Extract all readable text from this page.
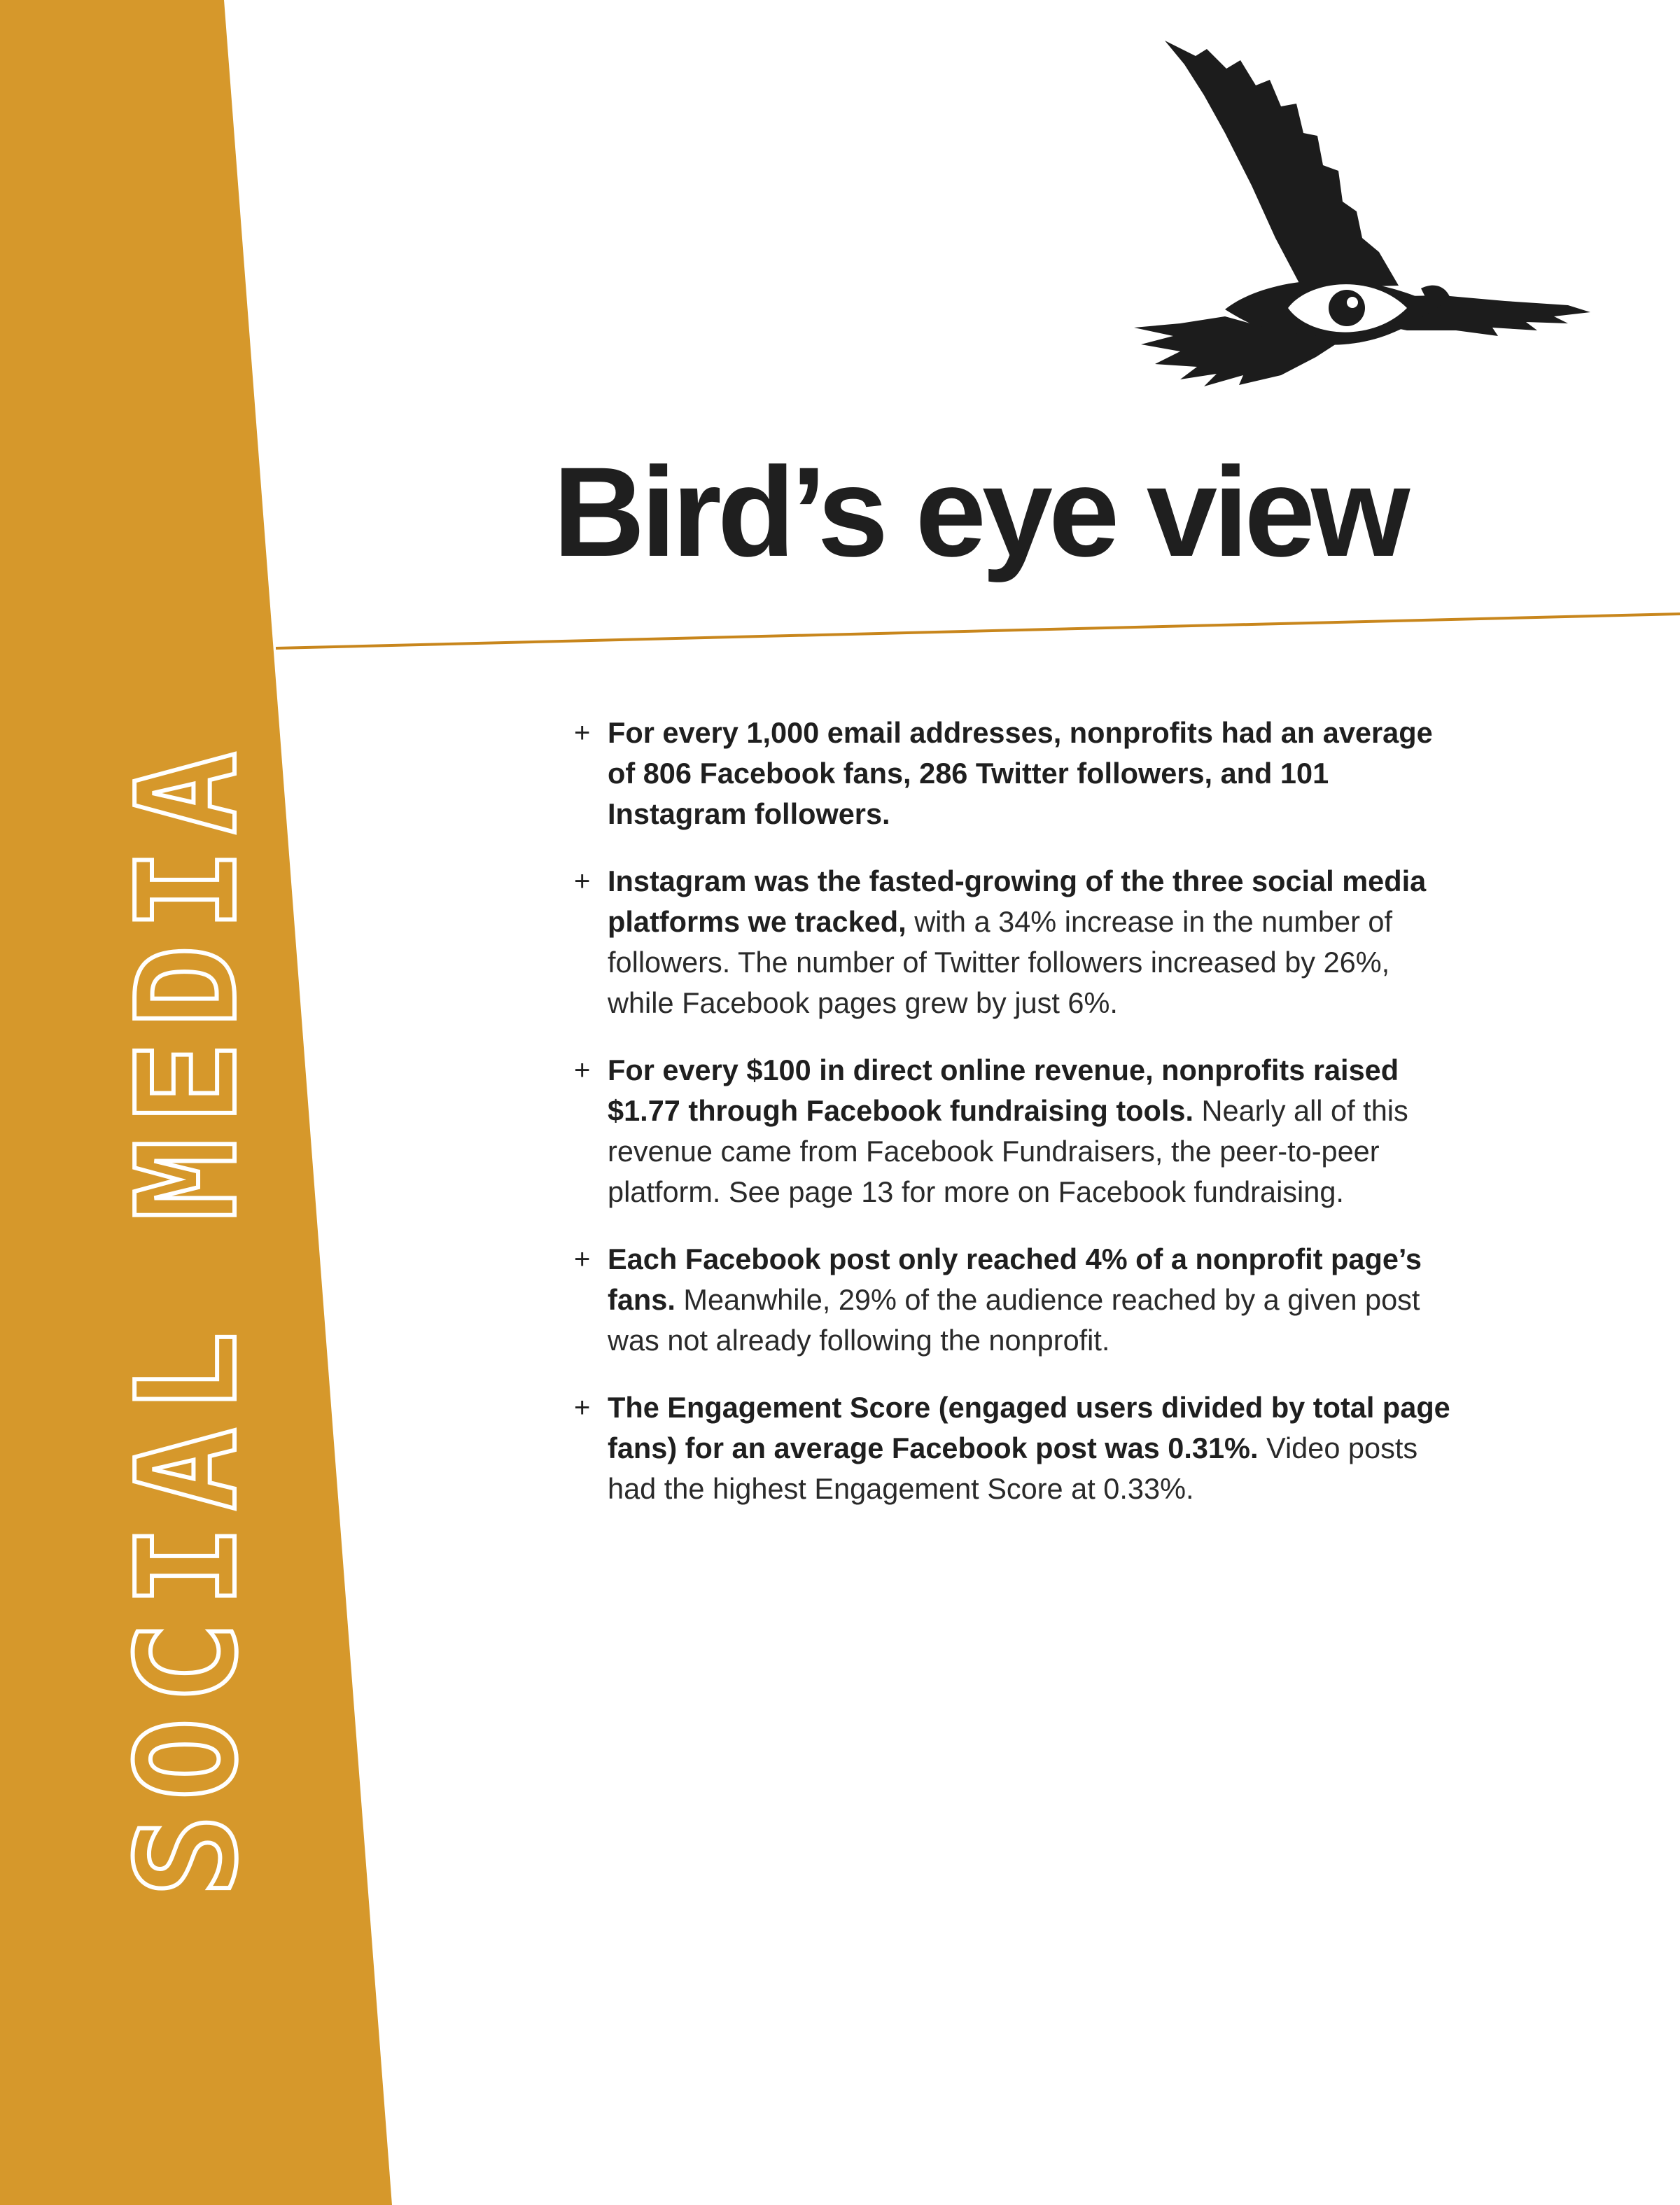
Bird’s eye view
+ For every 1,000 email addresses, nonprofits had an average of 806 Facebook fans, 286 Twitter followers, and 101 Instagram followers.
+ Instagram was the fasted-growing of the three social media platforms we tracked, with a 34% increase in the number of followers. The number of Twitter followers increased by 26%, while Facebook pages grew by just 6%.
+ For every $100 in direct online revenue, nonprofits raised $1.77 through Facebook fundraising tools. Nearly all of this revenue came from Facebook Fundraisers, the peer-to-peer platform. See page 13 for more on Facebook fundraising.
+ Each Facebook post only reached 4% of a nonprofit page’s fans. Meanwhile, 29% of the audience reached by a given post was not already following the nonprofit.
+ The Engagement Score (engaged users divided by total page fans) for an average Facebook post was 0.31%. Video posts had the highest Engagement Score at 0.33%.
